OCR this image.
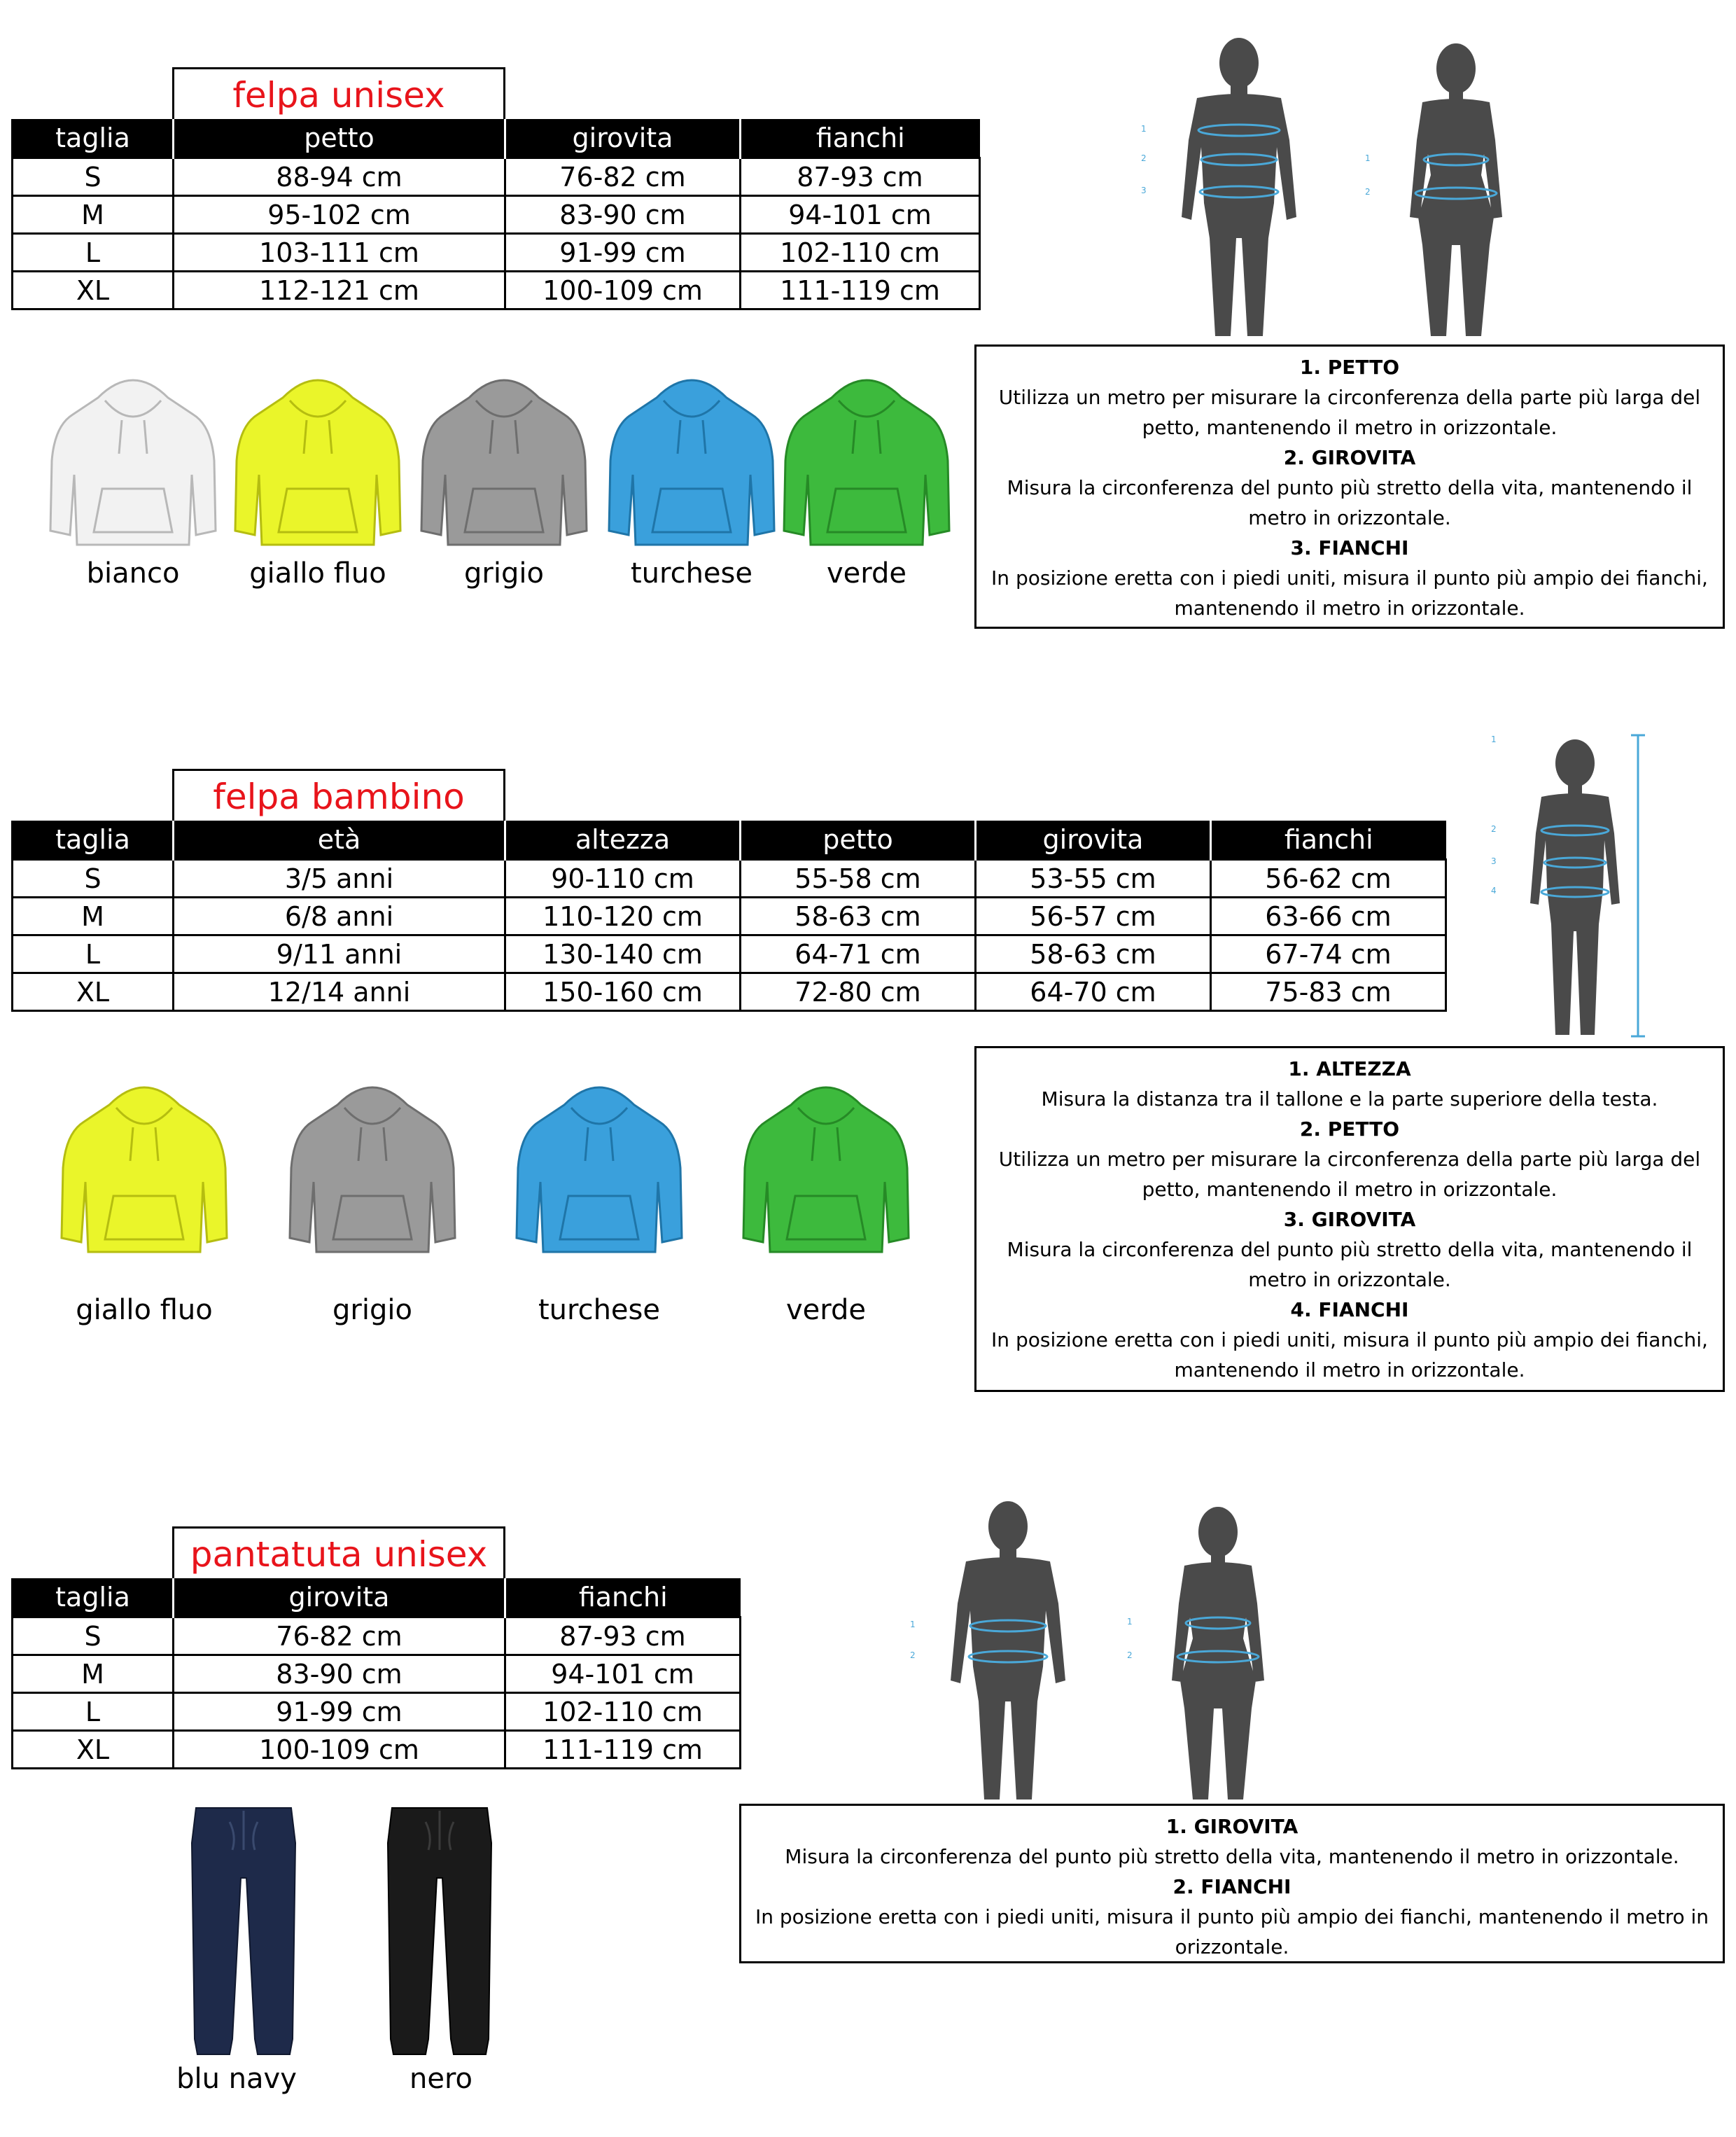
felpa unisex
taglia	petto	girovita	fianchi
S	88-94 cm	76-82 cm	87-93 cm
M	95-102 cm	83-90 cm	94-101 cm
L	103-111 cm	91-99 cm	102-110 cm
XL	112-121 cm	100-109 cm	111-119 cm
bianco	giallo fluo	grigio	turchese	verde
1
2
3
1
2
1. PETTO
Utilizza un metro per misurare la circonferenza della parte più larga del petto, mantenendo il metro in orizzontale.
2. GIROVITA
Misura la circonferenza del punto più stretto della vita, mantenendo il metro in orizzontale.
3. FIANCHI
In posizione eretta con i piedi uniti, misura il punto più ampio dei fianchi, mantenendo il metro in orizzontale.
felpa bambino
taglia	età	altezza	petto	girovita	fianchi
S	3/5 anni	90-110 cm	55-58 cm	53-55 cm	56-62 cm
M	6/8 anni	110-120 cm	58-63 cm	56-57 cm	63-66 cm
L	9/11 anni	130-140 cm	64-71 cm	58-63 cm	67-74 cm
XL	12/14 anni	150-160 cm	72-80 cm	64-70 cm	75-83 cm
giallo fluo	grigio	turchese	verde
1
2
3
4
1. ALTEZZA
Misura la distanza tra il tallone e la parte superiore della testa.
2. PETTO
Utilizza un metro per misurare la circonferenza della parte più larga del petto, mantenendo il metro in orizzontale.
3. GIROVITA
Misura la circonferenza del punto più stretto della vita, mantenendo il metro in orizzontale.
4. FIANCHI
In posizione eretta con i piedi uniti, misura il punto più ampio dei fianchi, mantenendo il metro in orizzontale.
pantatuta unisex
taglia	girovita	fianchi
S	76-82 cm	87-93 cm
M	83-90 cm	94-101 cm
L	91-99 cm	102-110 cm
XL	100-109 cm	111-119 cm
blu navy	nero
1
2
1
2
1. GIROVITA
Misura la circonferenza del punto più stretto della vita, mantenendo il metro in orizzontale.
2. FIANCHI
In posizione eretta con i piedi uniti, misura il punto più ampio dei fianchi, mantenendo il metro in orizzontale.
